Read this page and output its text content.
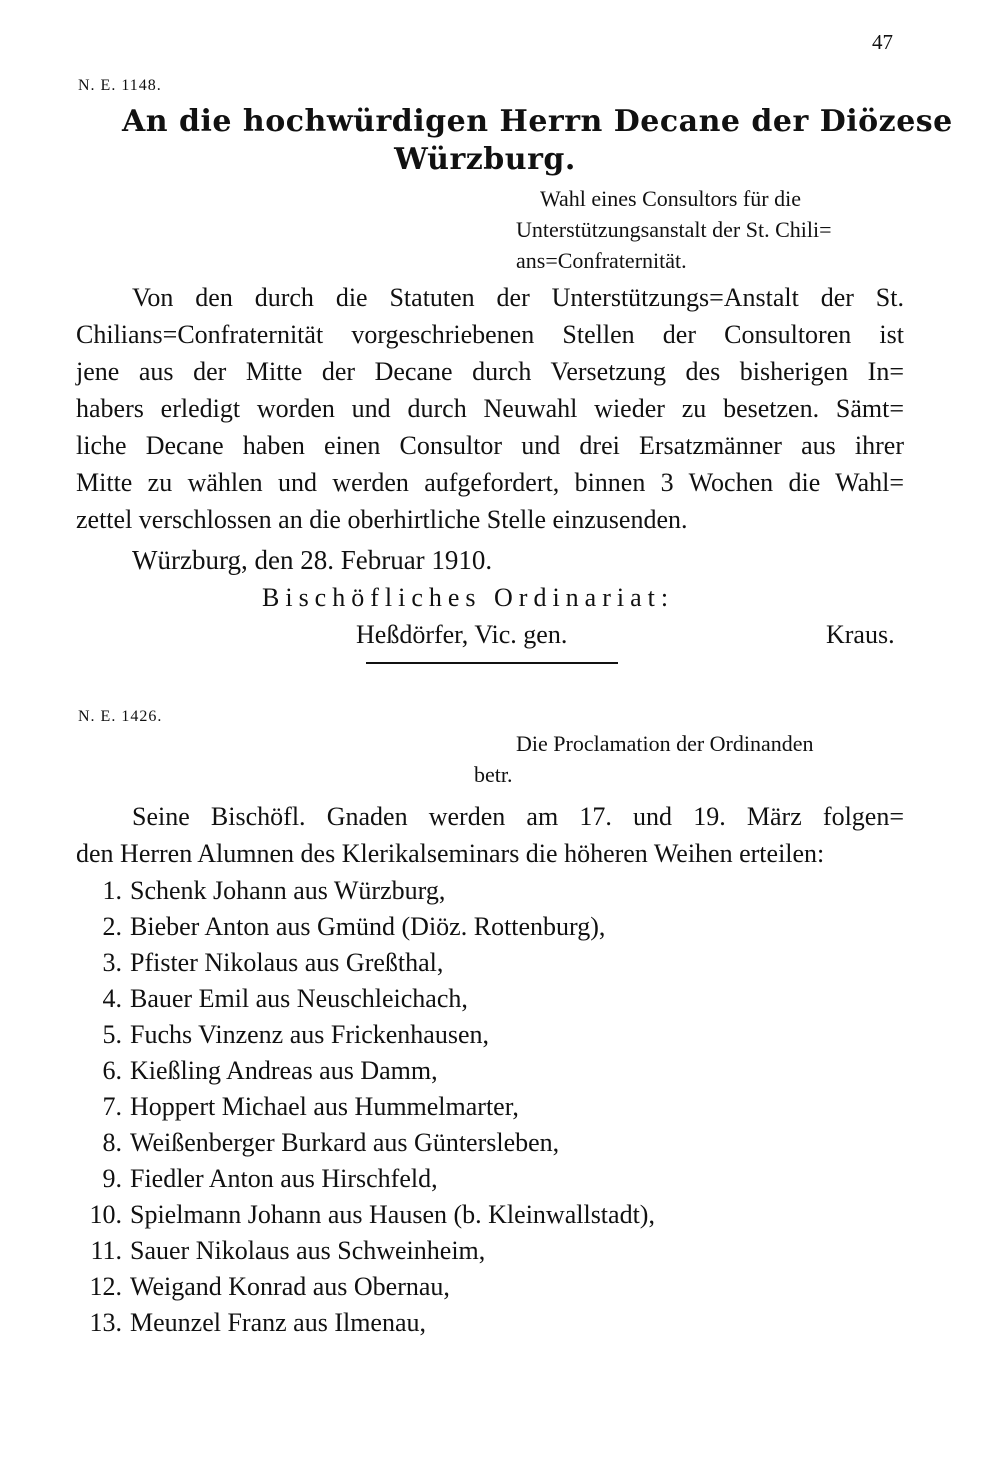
47
N. E. 1148.
An die hochwürdigen Herrn Decane der Diözese
Würzburg.
Wahl eines Consultors für die
Unterstützungsanstalt der St. Chili=
ans=Confraternität.
Von den durch die Statuten der Unterstützungs=Anstalt der St.
Chilians=Confraternität vorgeschriebenen Stellen der Consultoren ist
jene aus der Mitte der Decane durch Versetzung des bisherigen In=
habers erledigt worden und durch Neuwahl wieder zu besetzen. Sämt=
liche Decane haben einen Consultor und drei Ersatzmänner aus ihrer
Mitte zu wählen und werden aufgefordert, binnen 3 Wochen die Wahl=
zettel verschlossen an die oberhirtliche Stelle einzusenden.
Würzburg, den 28. Februar 1910.
Bischöfliches Ordinariat:
Heßdörfer, Vic. gen.	Kraus.
N. E. 1426.
Die Proclamation der Ordinanden
betr.
Seine Bischöfl. Gnaden werden am 17. und 19. März folgen=
den Herren Alumnen des Klerikalseminars die höheren Weihen erteilen:
1. Schenk Johann aus Würzburg,
2. Bieber Anton aus Gmünd (Diöz. Rottenburg),
3. Pfister Nikolaus aus Greßthal,
4. Bauer Emil aus Neuschleichach,
5. Fuchs Vinzenz aus Frickenhausen,
6. Kießling Andreas aus Damm,
7. Hoppert Michael aus Hummelmarter,
8. Weißenberger Burkard aus Güntersleben,
9. Fiedler Anton aus Hirschfeld,
10. Spielmann Johann aus Hausen (b. Kleinwallstadt),
11. Sauer Nikolaus aus Schweinheim,
12. Weigand Konrad aus Obernau,
13. Meunzel Franz aus Ilmenau,
